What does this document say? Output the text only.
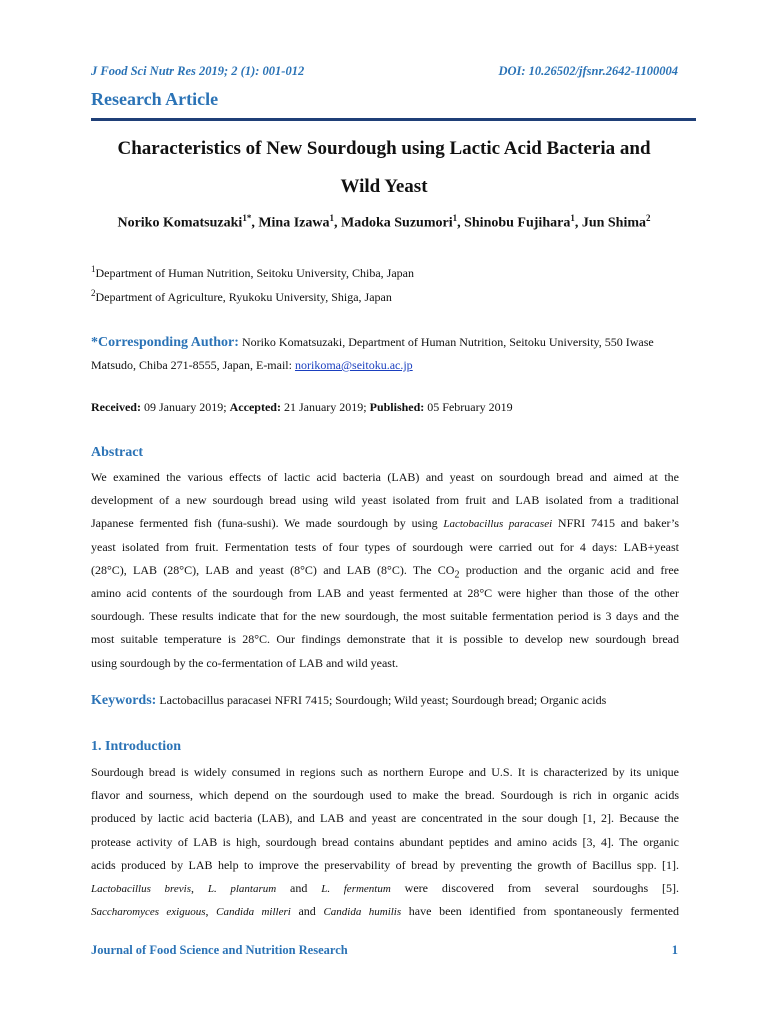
J Food Sci Nutr Res 2019; 2 (1): 001-012	DOI: 10.26502/jfsnr.2642-1100004
Research Article
Characteristics of New Sourdough using Lactic Acid Bacteria and
Wild Yeast
Noriko Komatsuzaki$^{1*}$, Mina Izawa$^1$, Madoka Suzumori$^1$, Shinobu Fujihara$^1$, Jun Shima$^2$
$^1$Department of Human Nutrition, Seitoku University, Chiba, Japan
$^2$Department of Agriculture, Ryukoku University, Shiga, Japan
*Corresponding Author: Noriko Komatsuzaki, Department of Human Nutrition, Seitoku University, 550 Iwase
Matsudo, Chiba 271-8555, Japan, E-mail: norikoma@seitoku.ac.jp
Received: 09 January 2019; Accepted: 21 January 2019; Published: 05 February 2019
Abstract
We examined the various effects of lactic acid bacteria (LAB) and yeast on sourdough bread and aimed at the
development of a new sourdough bread using wild yeast isolated from fruit and LAB isolated from a traditional
Japanese fermented fish (funa-sushi). We made sourdough by using Lactobacillus paracasei NFRI 7415 and baker’s
yeast isolated from fruit. Fermentation tests of four types of sourdough were carried out for 4 days: LAB+yeast
(28°C), LAB (28°C), LAB and yeast (8°C) and LAB (8°C). The $CO_2$ production and the organic acid and free
amino acid contents of the sourdough from LAB and yeast fermented at 28°C were higher than those of the other
sourdough. These results indicate that for the new sourdough, the most suitable fermentation period is 3 days and the
most suitable temperature is 28°C. Our findings demonstrate that it is possible to develop new sourdough bread
using sourdough by the co-fermentation of LAB and wild yeast.
Keywords: Lactobacillus paracasei NFRI 7415; Sourdough; Wild yeast; Sourdough bread; Organic acids
1. Introduction
Sourdough bread is widely consumed in regions such as northern Europe and U.S. It is characterized by its unique
flavor and sourness, which depend on the sourdough used to make the bread. Sourdough is rich in organic acids
produced by lactic acid bacteria (LAB), and LAB and yeast are concentrated in the sour dough [1, 2]. Because the
protease activity of LAB is high, sourdough bread contains abundant peptides and amino acids [3, 4]. The organic
acids produced by LAB help to improve the preservability of bread by preventing the growth of Bacillus spp. [1].
Lactobacillus brevis, L. plantarum and L. fermentum were discovered from several sourdoughs [5].
Saccharomyces exiguous, Candida milleri and Candida humilis have been identified from spontaneously fermented
Journal of Food Science and Nutrition Research	1
